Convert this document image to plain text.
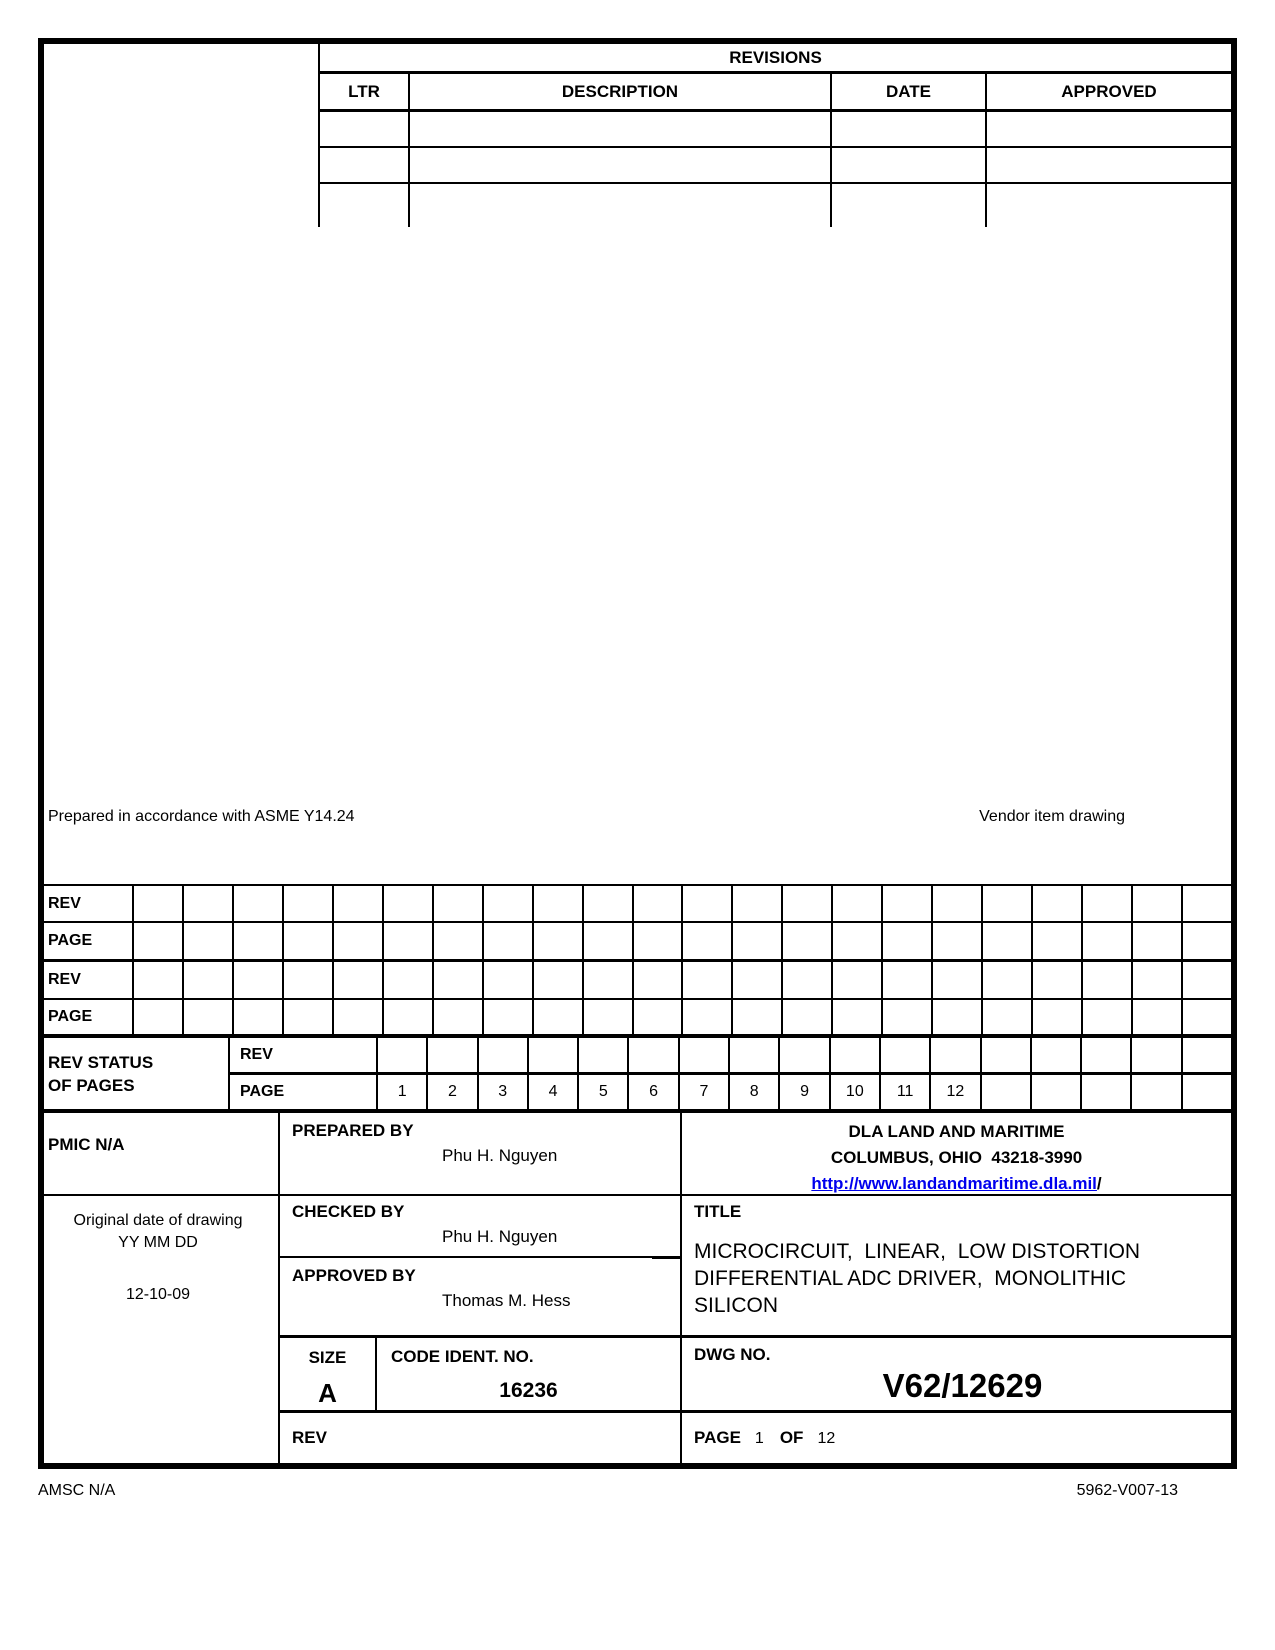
REVISIONS
LTR	DESCRIPTION	DATE	APPROVED
Prepared in accordance with ASME Y14.24	Vendor item drawing
REV
PAGE
REV
PAGE
REV STATUS
OF PAGES
REV
PAGE	1	2	3	4	5	6	7	8	9	10	11	12
PMIC N/A
PREPARED BY
Phu H. Nguyen
DLA LAND AND MARITIME
COLUMBUS, OHIO  43218-3990
http://www.landandmaritime.dla.mil/
Original date of drawing
YY MM DD
12-10-09
CHECKED BY
Phu H. Nguyen
APPROVED BY
Thomas M. Hess
TITLE
MICROCIRCUIT,  LINEAR,  LOW DISTORTION
DIFFERENTIAL ADC DRIVER,  MONOLITHIC
SILICON
SIZE
A
CODE IDENT. NO.
16236
DWG NO.
V62/12629
REV	PAGE 1 OF 12
AMSC N/A	5962-V007-13
